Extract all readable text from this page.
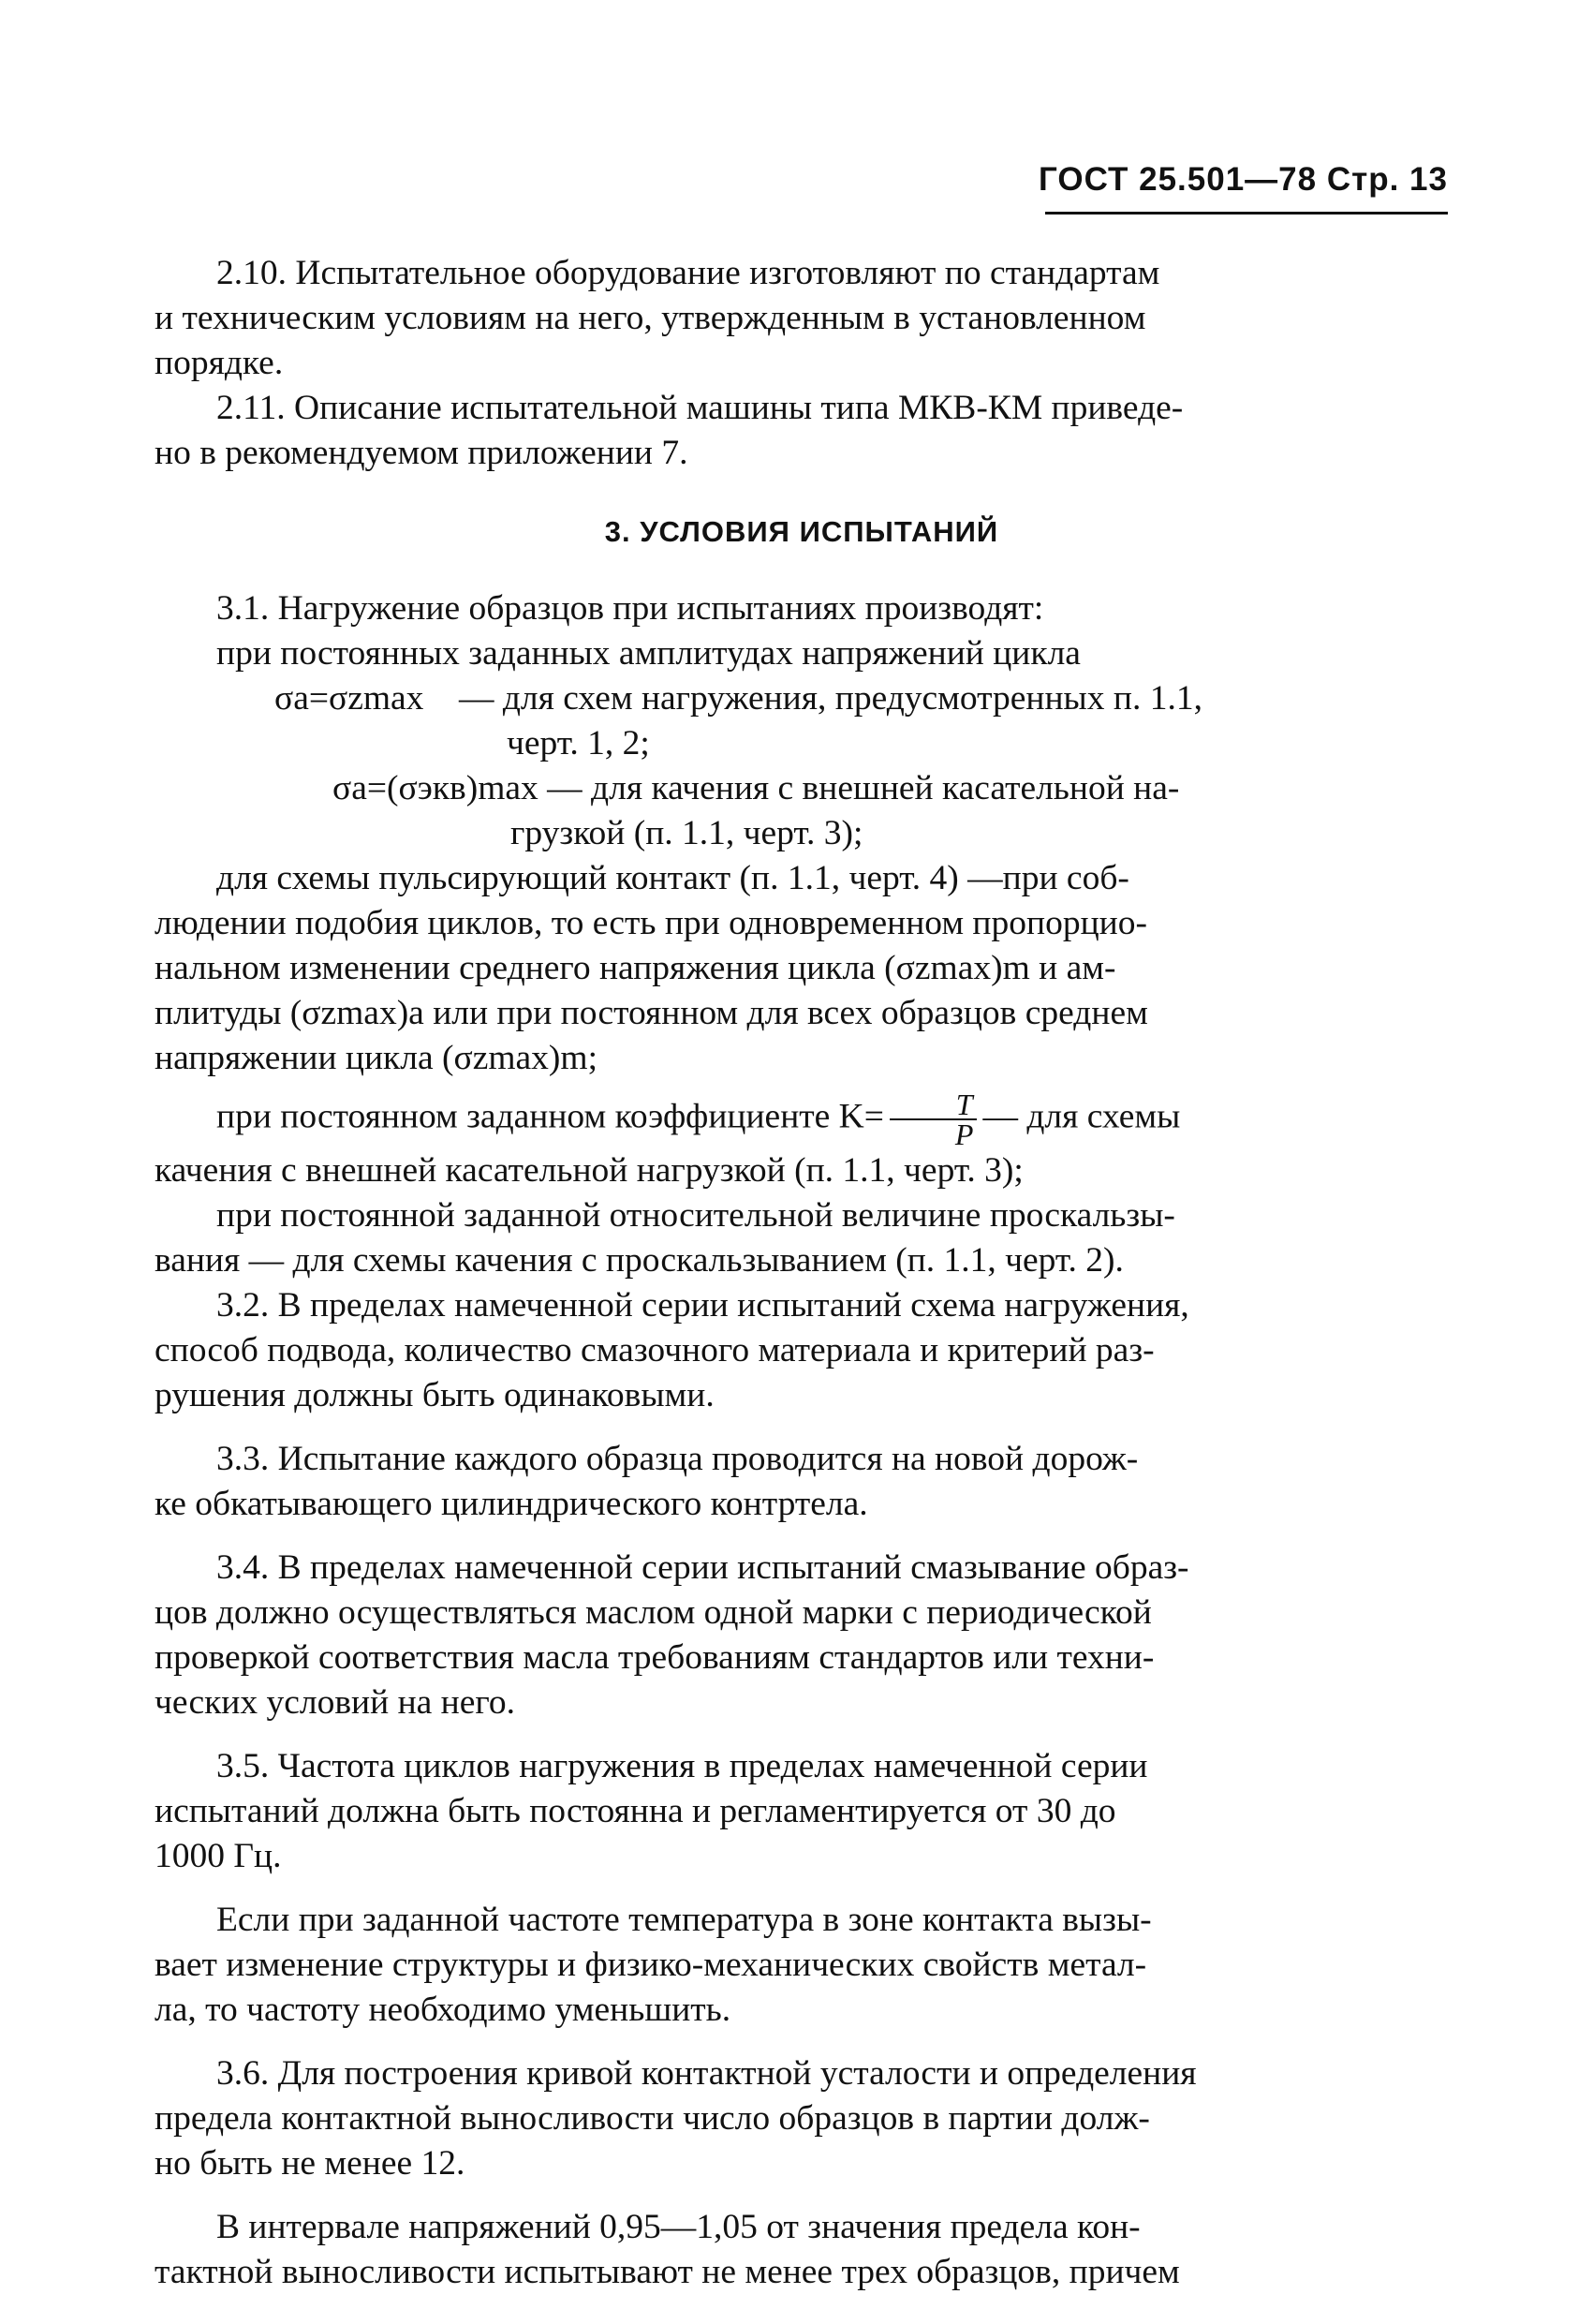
ГОСТ 25.501—78 Стр. 13
2.10. Испытательное оборудование изготовляют по стандартам
и техническим условиям на него, утвержденным в установленном
порядке.
2.11. Описание испытательной машины типа МКВ-КМ приведе-
но в рекомендуемом приложении 7.
3. УСЛОВИЯ ИСПЫТАНИЙ
3.1. Нагружение образцов при испытаниях производят:
при постоянных заданных амплитудах напряжений цикла
σa=σzmax — для схем нагружения, предусмотренных п. 1.1,
черт. 1, 2;
σa=(σэкв)max — для качения с внешней касательной на-
грузкой (п. 1.1, черт. 3);
для схемы пульсирующий контакт (п. 1.1, черт. 4) —при соб-
людении подобия циклов, то есть при одновременном пропорцио-
нальном изменении среднего напряжения цикла (σzmax)m и ам-
плитуды (σzmax)a или при постоянном для всех образцов среднем
напряжении цикла (σzmax)m;
при постоянном заданном коэффициенте $K= \frac{T}{P}$ — для схемы
качения с внешней касательной нагрузкой (п. 1.1, черт. 3);
при постоянной заданной относительной величине проскальзы-
вания — для схемы качения с проскальзыванием (п. 1.1, черт. 2).
3.2. В пределах намеченной серии испытаний схема нагружения,
способ подвода, количество смазочного материала и критерий раз-
рушения должны быть одинаковыми.
3.3. Испытание каждого образца проводится на новой дорож-
ке обкатывающего цилиндрического контртела.
3.4. В пределах намеченной серии испытаний смазывание образ-
цов должно осуществляться маслом одной марки с периодической
проверкой соответствия масла требованиям стандартов или техни-
ческих условий на него.
3.5. Частота циклов нагружения в пределах намеченной серии
испытаний должна быть постоянна и регламентируется от 30 до
1000 Гц.
Если при заданной частоте температура в зоне контакта вызы-
вает изменение структуры и физико-механических свойств метал-
ла, то частоту необходимо уменьшить.
3.6. Для построения кривой контактной усталости и определения
предела контактной выносливости число образцов в партии долж-
но быть не менее 12.
В интервале напряжений 0,95—1,05 от значения предела кон-
тактной выносливости испытывают не менее трех образцов, причем
